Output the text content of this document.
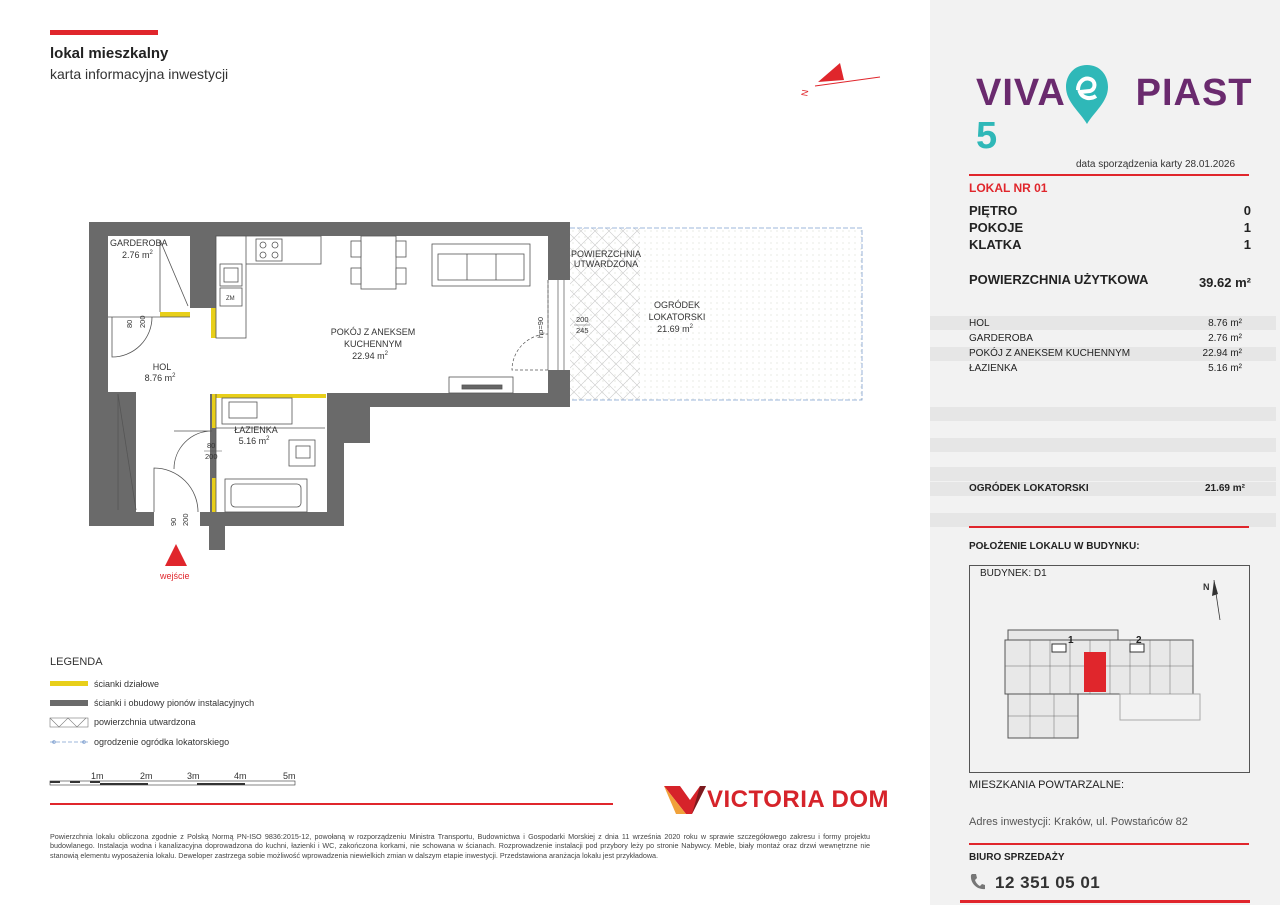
lokal mieszkalny
karta informacyjna inwestycji
N
ZM
GARDEROBA
2.76 $m^2$
HOL
8.76 $m^2$
POKÓJ Z ANEKSEM
KUCHENNYM
22.94 $m^2$
ŁAZIENKA
5.16 $m^2$
POWIERZCHNIA
UTWARDZONA
OGRÓDEK
LOKATORSKI
21.69 $m^2$
80 200
80
200
90 200
200
245
hp=90
wejście
LEGENDA
ścianki działowe
ścianki i obudowy pionów instalacyjnych
powierzchnia utwardzona
ogrodzenie ogródka lokatorskiego
1m	2m	3m	4m	5m
VICTORIA DOM
Powierzchnia lokalu obliczona zgodnie z Polską Normą PN-ISO 9836:2015-12, powołaną w rozporządzeniu Ministra Transportu, Budownictwa i Gospodarki Morskiej z dnia 11 września 2020 roku w sprawie szczegółowego zakresu i formy projektu budowlanego. Instalacja wodna i kanalizacyjna doprowadzona do kuchni, łazienki i WC, zakończona korkami, nie schowana w ścianach. Rozprowadzenie instalacji pod przybory leży po stronie Nabywcy. Meble, biały montaż oraz drzwi wewnętrzne nie stanowią elementu wyposażenia lokalu. Deweloper zastrzega sobie możliwość wprowadzenia niewielkich zmian w dalszym etapie inwestycji. Przedstawiona aranżacja lokalu jest przykładowa.
VIVA PIAST 5
data sporządzenia karty 28.01.2026
LOKAL NR 01
PIĘTRO	0
POKOJE	1
KLATKA	1
POWIERZCHNIA UŻYTKOWA	39.62 m²
HOL	8.76 m²
GARDEROBA	2.76 m²
POKÓJ Z ANEKSEM KUCHENNYM	22.94 m²
ŁAZIENKA	5.16 m²
OGRÓDEK LOKATORSKI	21.69 m²
POŁOŻENIE LOKALU W BUDYNKU:
BUDYNEK: D1
N
1	2
MIESZKANIA POWTARZALNE:
Adres inwestycji: Kraków, ul. Powstańców 82
BIURO SPRZEDAŻY
12 351 05 01
